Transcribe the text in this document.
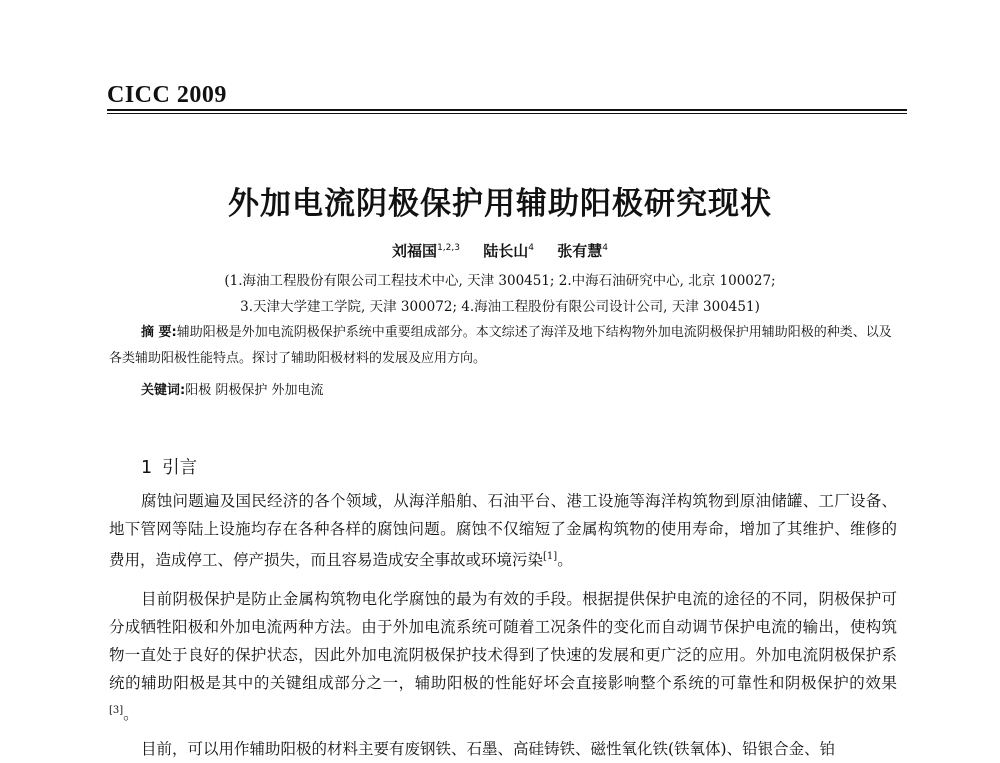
CICC 2009
外加电流阴极保护用辅助阳极研究现状
刘福国$^{1,2,3}$ 陆长山$^4$ 张有慧$^4$
(1.海油工程股份有限公司工程技术中心, 天津 300451; 2.中海石油研究中心, 北京 100027;
3.天津大学建工学院, 天津 300072; 4.海油工程股份有限公司设计公司, 天津 300451)
摘 要:辅助阳极是外加电流阴极保护系统中重要组成部分。本文综述了海洋及地下结构物外加电流阴极保护用辅助阳极的种类、以及各类辅助阳极性能特点。探讨了辅助阳极材料的发展及应用方向。
关键词:阳极 阴极保护 外加电流
1 引言
腐蚀问题遍及国民经济的各个领域，从海洋船舶、石油平台、港工设施等海洋构筑物到原油储罐、工厂设备、地下管网等陆上设施均存在各种各样的腐蚀问题。腐蚀不仅缩短了金属构筑物的使用寿命，增加了其维护、维修的费用，造成停工、停产损失，而且容易造成安全事故或环境污染[1]。
目前阴极保护是防止金属构筑物电化学腐蚀的最为有效的手段。根据提供保护电流的途径的不同，阴极保护可分成牺牲阳极和外加电流两种方法。由于外加电流系统可随着工况条件的变化而自动调节保护电流的输出，使构筑物一直处于良好的保护状态，因此外加电流阴极保护技术得到了快速的发展和更广泛的应用。外加电流阴极保护系统的辅助阳极是其中的关键组成部分之一，辅助阳极的性能好坏会直接影响整个系统的可靠性和阴极保护的效果[3]。
目前，可以用作辅助阳极的材料主要有废钢铁、石墨、高硅铸铁、磁性氧化铁(铁氧体)、铅银合金、铂
